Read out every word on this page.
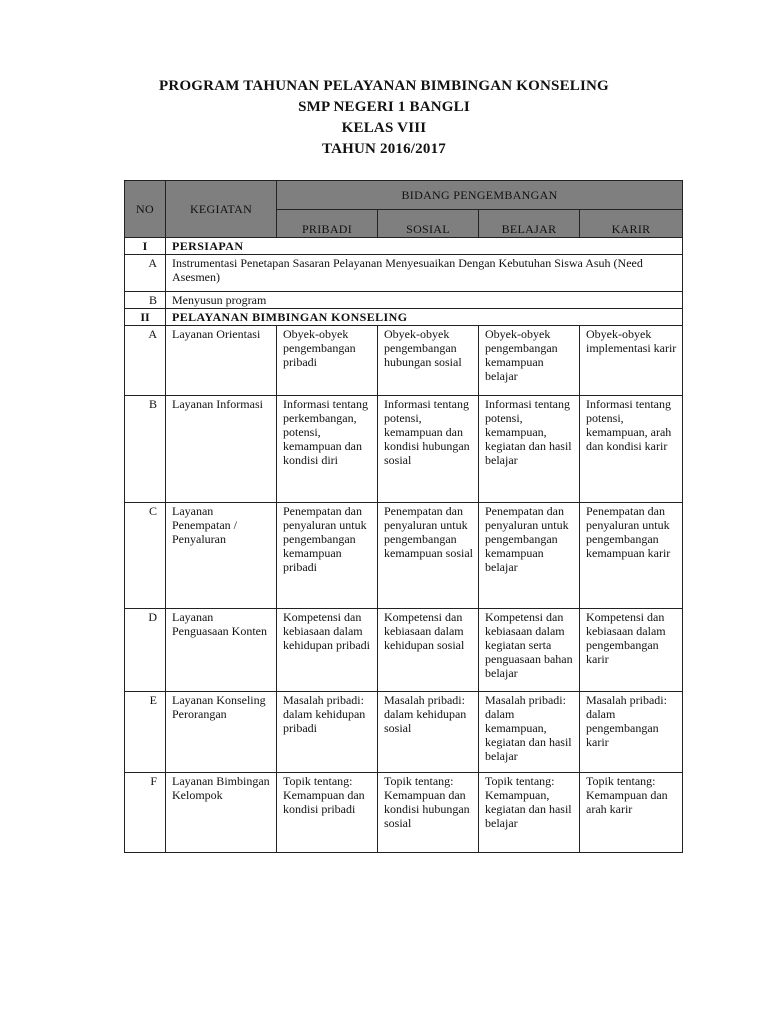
PROGRAM TAHUNAN PELAYANAN BIMBINGAN KONSELING

SMP NEGERI 1 BANGLI

KELAS VIII

TAHUN 2016/2017

NO	KEGIATAN	BIDANG PENGEMBANGAN			
		PRIBADI	SOSIAL	BELAJAR	KARIR
I	PERSIAPAN				
A	Instrumentasi Penetapan Sasaran Pelayanan Menyesuaikan Dengan Kebutuhan Siswa Asuh (Need Asesmen)				
B	Menyusun program				
II	PELAYANAN BIMBINGAN KONSELING				
A	Layanan Orientasi	Obyek-obyek pengembangan pribadi	Obyek-obyek pengembangan hubungan sosial	Obyek-obyek pengembangan kemampuan belajar	Obyek-obyek implementasi karir
B	Layanan Informasi	Informasi tentang perkembangan, potensi, kemampuan dan kondisi diri	Informasi tentang potensi, kemampuan dan kondisi hubungan sosial	Informasi tentang potensi, kemampuan, kegiatan dan hasil belajar	Informasi tentang potensi, kemampuan, arah dan kondisi karir
C	Layanan Penempatan / Penyaluran	Penempatan dan penyaluran untuk pengembangan kemampuan pribadi	Penempatan dan penyaluran untuk pengembangan kemampuan sosial	Penempatan dan penyaluran untuk pengembangan kemampuan belajar	Penempatan dan penyaluran untuk pengembangan kemampuan karir
D	Layanan Penguasaan Konten	Kompetensi dan kebiasaan dalam kehidupan pribadi	Kompetensi dan kebiasaan dalam kehidupan sosial	Kompetensi dan kebiasaan dalam kegiatan serta penguasaan bahan belajar	Kompetensi dan kebiasaan dalam pengembangan karir
E	Layanan Konseling Perorangan	Masalah pribadi: dalam kehidupan pribadi	Masalah pribadi: dalam kehidupan sosial	Masalah pribadi: dalam kemampuan, kegiatan dan hasil belajar	Masalah pribadi: dalam pengembangan karir
F	Layanan Bimbingan Kelompok	Topik tentang: Kemampuan dan kondisi pribadi	Topik tentang: Kemampuan dan kondisi hubungan sosial	Topik tentang: Kemampuan, kegiatan dan hasil belajar	Topik tentang: Kemampuan dan arah karir
